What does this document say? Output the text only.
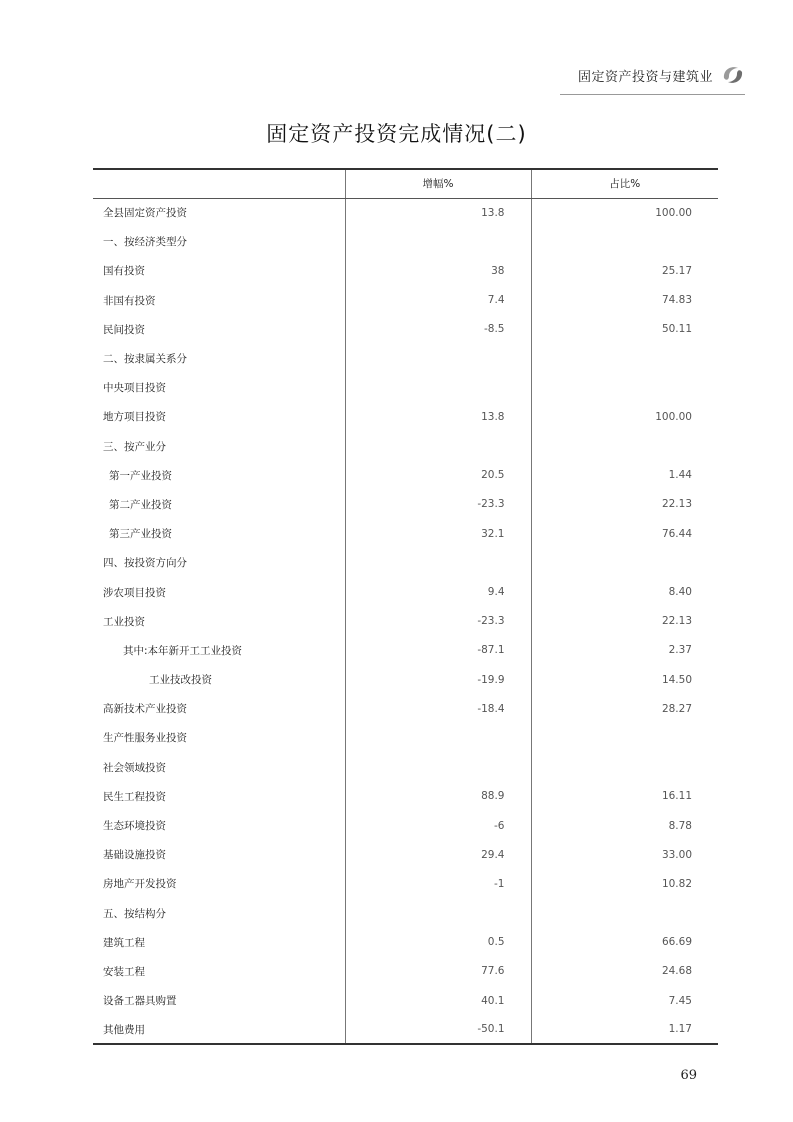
固定资产投资与建筑业
固定资产投资完成情况(二)
	增幅%	占比%
全县固定资产投资	13.8	100.00
一、按经济类型分		
国有投资	38	25.17
非国有投资	7.4	74.83
民间投资	-8.5	50.11
二、按隶属关系分		
中央项目投资		
地方项目投资	13.8	100.00
三、按产业分		
第一产业投资	20.5	1.44
第二产业投资	-23.3	22.13
第三产业投资	32.1	76.44
四、按投资方向分		
涉农项目投资	9.4	8.40
工业投资	-23.3	22.13
其中:本年新开工工业投资	-87.1	2.37
工业技改投资	-19.9	14.50
高新技术产业投资	-18.4	28.27
生产性服务业投资		
社会领域投资		
民生工程投资	88.9	16.11
生态环境投资	-6	8.78
基础设施投资	29.4	33.00
房地产开发投资	-1	10.82
五、按结构分		
建筑工程	0.5	66.69
安装工程	77.6	24.68
设备工器具购置	40.1	7.45
其他费用	-50.1	1.17
69
